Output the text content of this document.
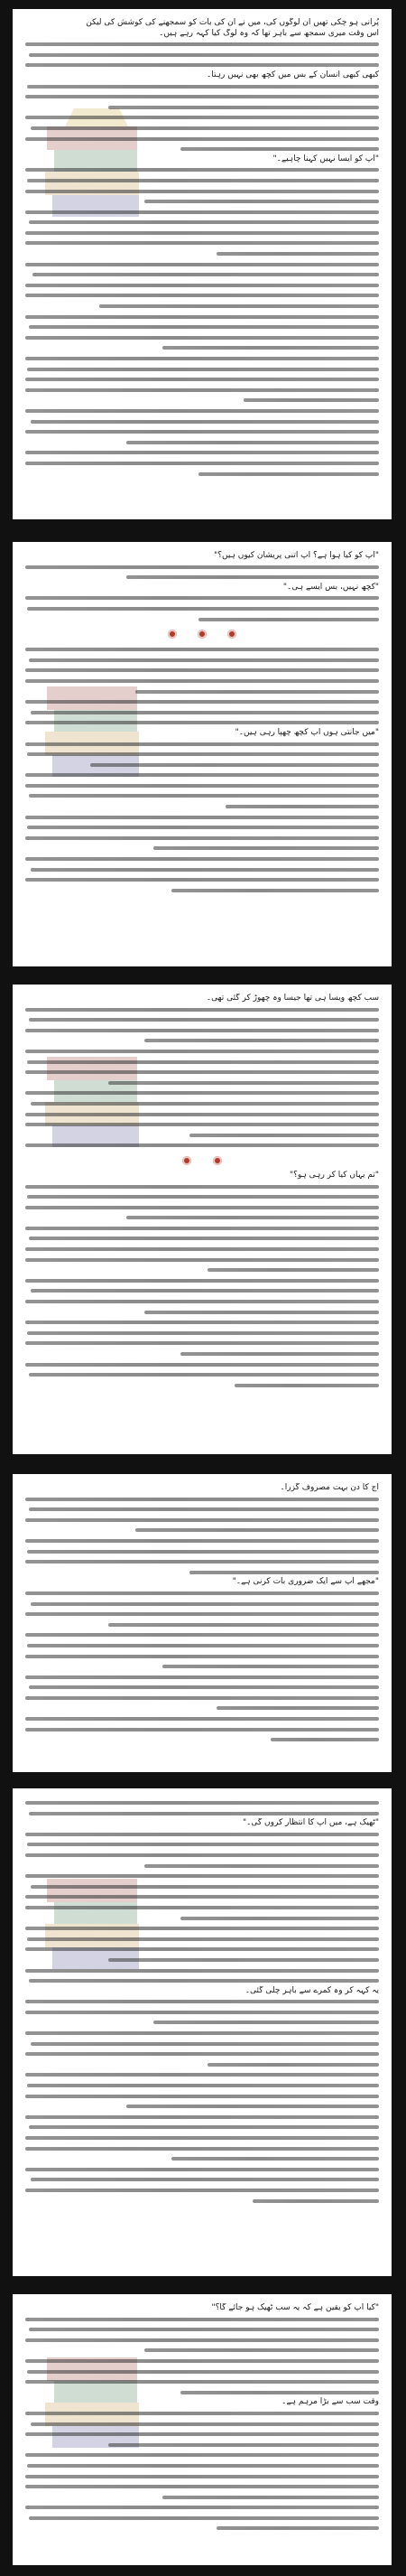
پُرانی ہو چکی تھیں ان لوگوں کی، میں نے ان کی بات کو سمجھنے کی کوشش کی لیکن

اُس وقت میری سمجھ سے باہر تھا کہ وہ لوگ کیا کہہ رہے ہیں۔

کبھی کبھی انسان کے بس میں کچھ بھی نہیں رہتا۔

"آپ کو ایسا نہیں کہنا چاہیے۔"

"آپ کو کیا ہوا ہے؟ آپ اتنی پریشان کیوں ہیں؟"

"کچھ نہیں، بس ایسے ہی۔"

"میں جانتی ہوں آپ کچھ چھپا رہی ہیں۔"

سب کچھ ویسا ہی تھا جیسا وہ چھوڑ کر گئی تھی۔

"تم یہاں کیا کر رہی ہو؟"

آج کا دن بہت مصروف گزرا۔

"مجھے آپ سے ایک ضروری بات کرنی ہے۔"

"ٹھیک ہے، میں آپ کا انتظار کروں گی۔"

یہ کہہ کر وہ کمرے سے باہر چلی گئی۔

"کیا آپ کو یقین ہے کہ یہ سب ٹھیک ہو جائے گا؟"

وقت سب سے بڑا مرہم ہے۔
